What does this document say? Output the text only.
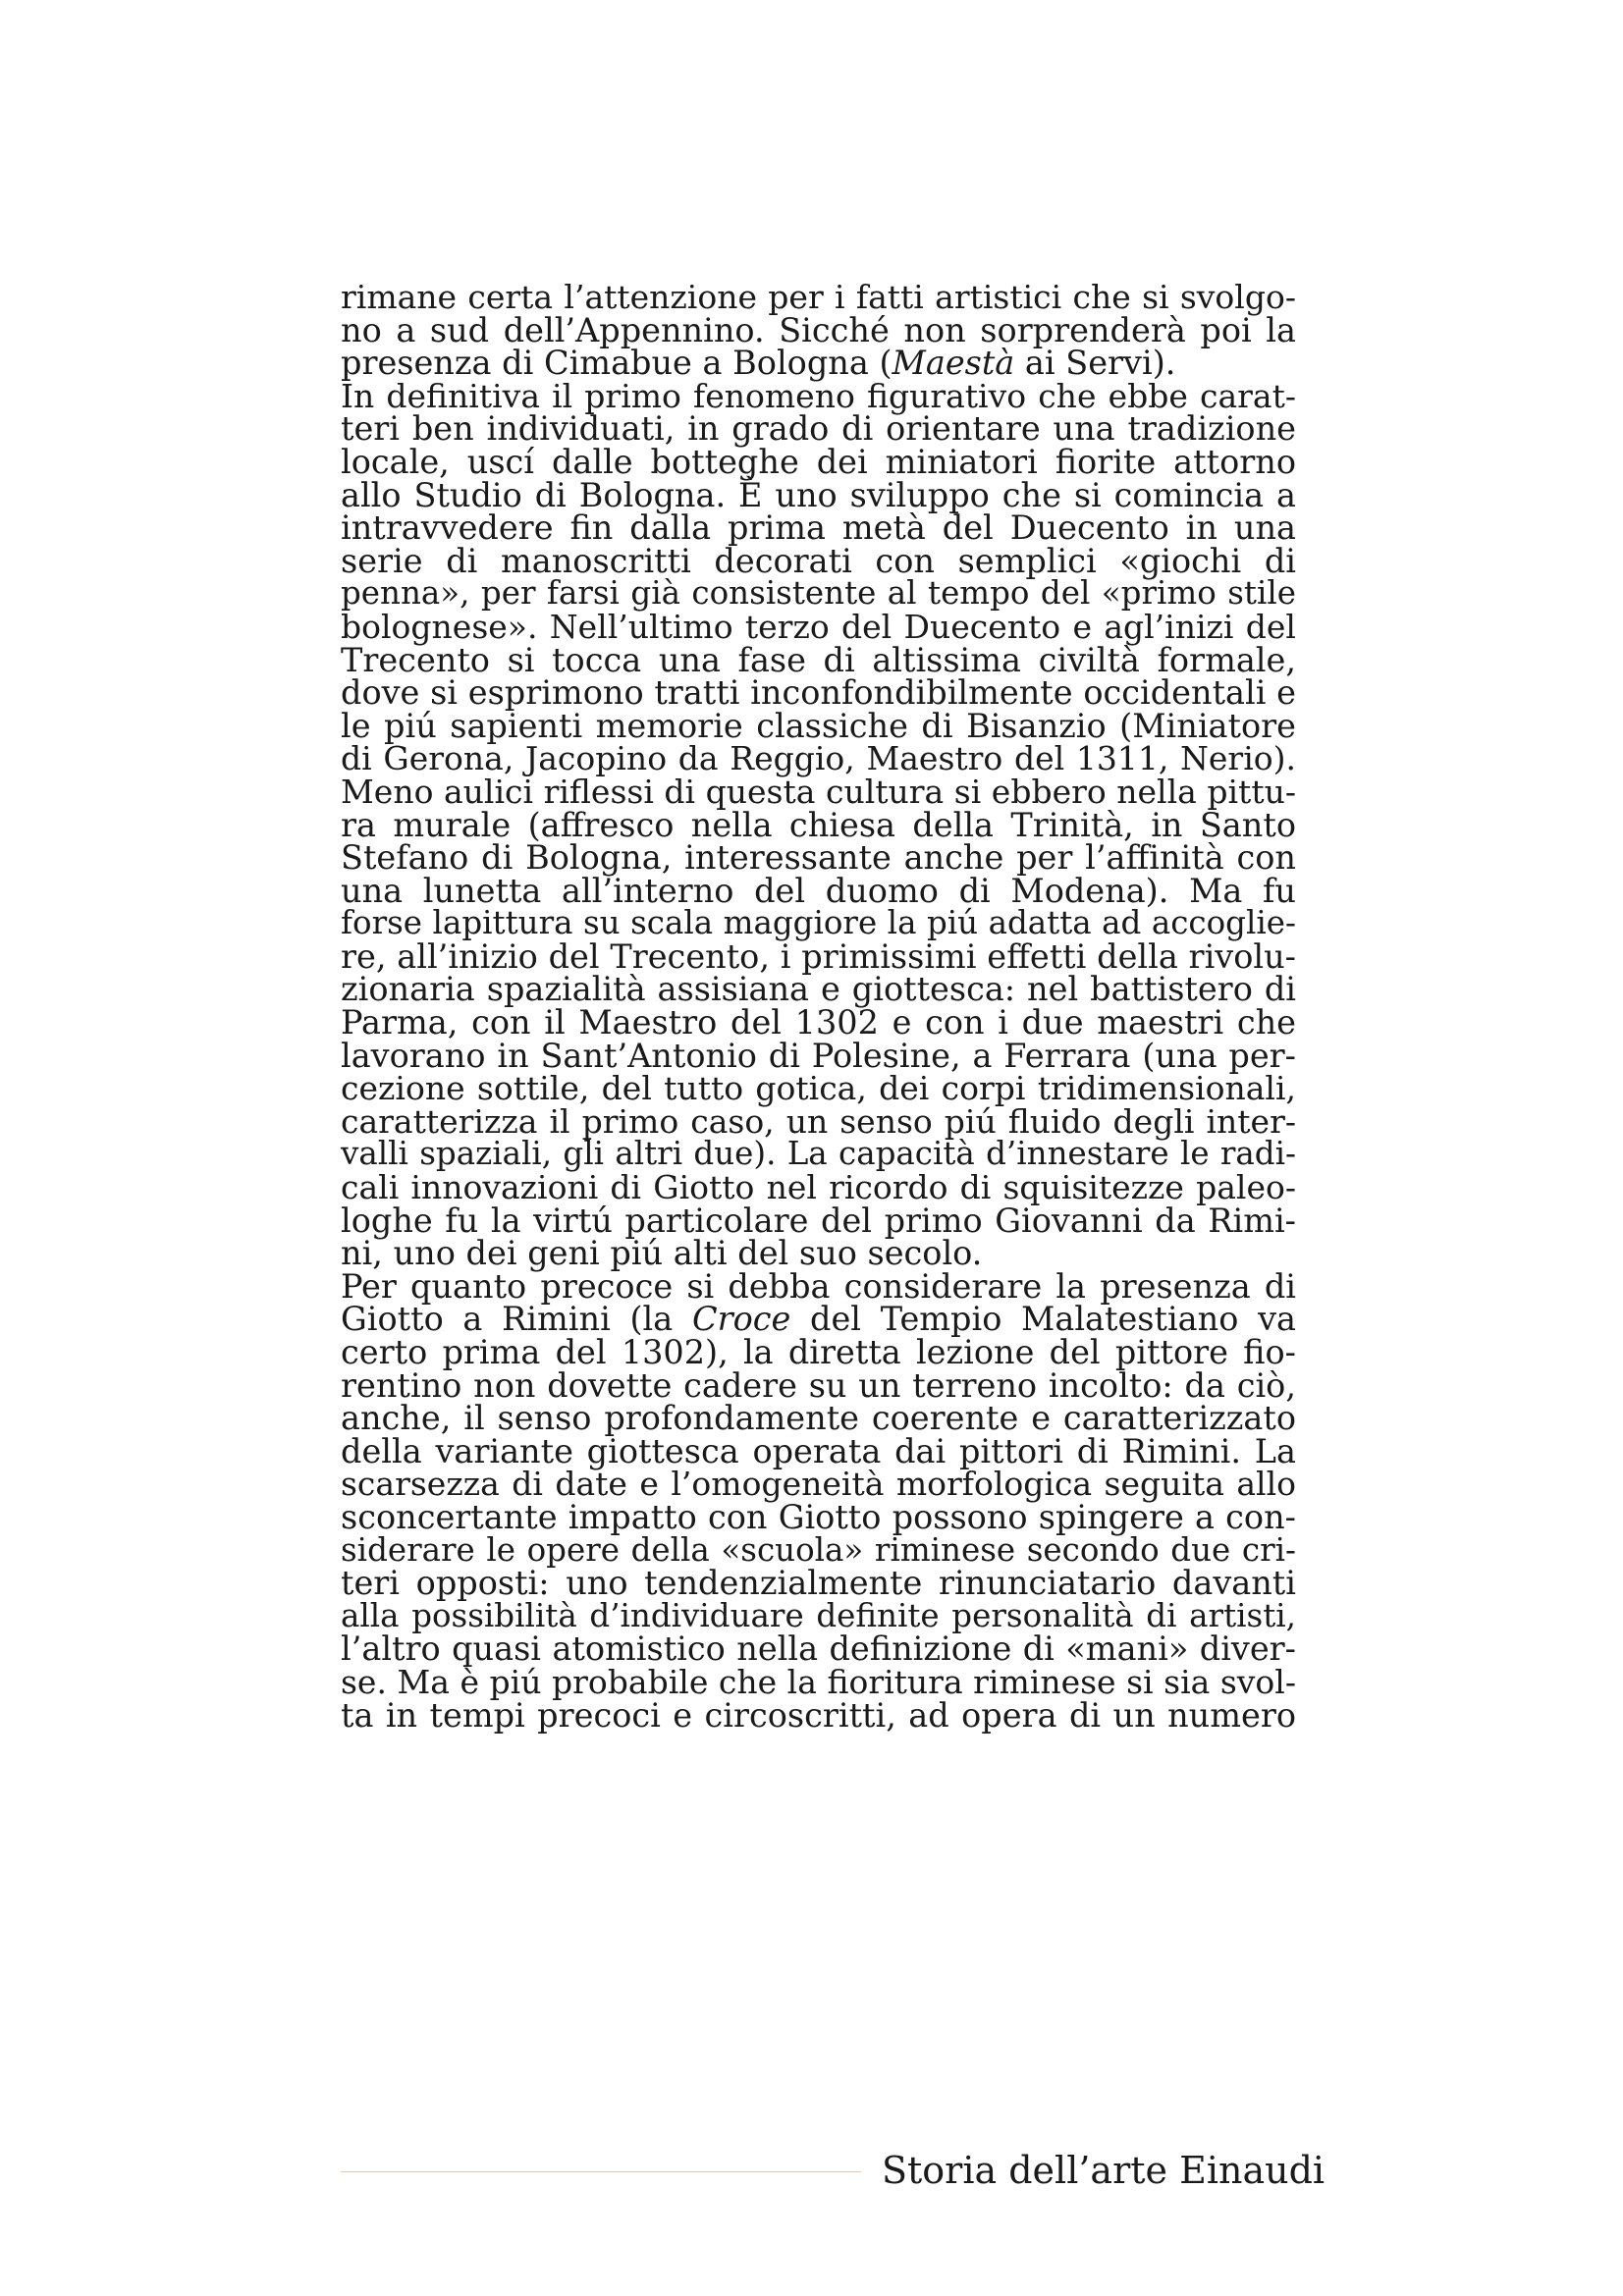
rimane certa l’attenzione per i fatti artistici che si svolgo-
no a sud dell’Appennino. Sicché non sorprenderà poi la
presenza di Cimabue a Bologna (Maestà ai Servi).
In definitiva il primo fenomeno figurativo che ebbe carat-
teri ben individuati, in grado di orientare una tradizione
locale, uscí dalle botteghe dei miniatori fiorite attorno
allo Studio di Bologna. È uno sviluppo che si comincia a
intravvedere fin dalla prima metà del Duecento in una
serie di manoscritti decorati con semplici «giochi di
penna», per farsi già consistente al tempo del «primo stile
bolognese». Nell’ultimo terzo del Duecento e agl’inizi del
Trecento si tocca una fase di altissima civiltà formale,
dove si esprimono tratti inconfondibilmente occidentali e
le piú sapienti memorie classiche di Bisanzio (Miniatore
di Gerona, Jacopino da Reggio, Maestro del 1311, Nerio).
Meno aulici riflessi di questa cultura si ebbero nella pittu-
ra murale (affresco nella chiesa della Trinità, in Santo
Stefano di Bologna, interessante anche per l’affinità con
una lunetta all’interno del duomo di Modena). Ma fu
forse lapittura su scala maggiore la piú adatta ad accoglie-
re, all’inizio del Trecento, i primissimi effetti della rivolu-
zionaria spazialità assisiana e giottesca: nel battistero di
Parma, con il Maestro del 1302 e con i due maestri che
lavorano in Sant’Antonio di Polesine, a Ferrara (una per-
cezione sottile, del tutto gotica, dei corpi tridimensionali,
caratterizza il primo caso, un senso piú fluido degli inter-
valli spaziali, gli altri due). La capacità d’innestare le radi-
cali innovazioni di Giotto nel ricordo di squisitezze paleo-
loghe fu la virtú particolare del primo Giovanni da Rimi-
ni, uno dei geni piú alti del suo secolo.
Per quanto precoce si debba considerare la presenza di
Giotto a Rimini (la Croce del Tempio Malatestiano va
certo prima del 1302), la diretta lezione del pittore fio-
rentino non dovette cadere su un terreno incolto: da ciò,
anche, il senso profondamente coerente e caratterizzato
della variante giottesca operata dai pittori di Rimini. La
scarsezza di date e l’omogeneità morfologica seguita allo
sconcertante impatto con Giotto possono spingere a con-
siderare le opere della «scuola» riminese secondo due cri-
teri opposti: uno tendenzialmente rinunciatario davanti
alla possibilità d’individuare definite personalità di artisti,
l’altro quasi atomistico nella definizione di «mani» diver-
se. Ma è piú probabile che la fioritura riminese si sia svol-
ta in tempi precoci e circoscritti, ad opera di un numero
Storia dell’arte Einaudi
